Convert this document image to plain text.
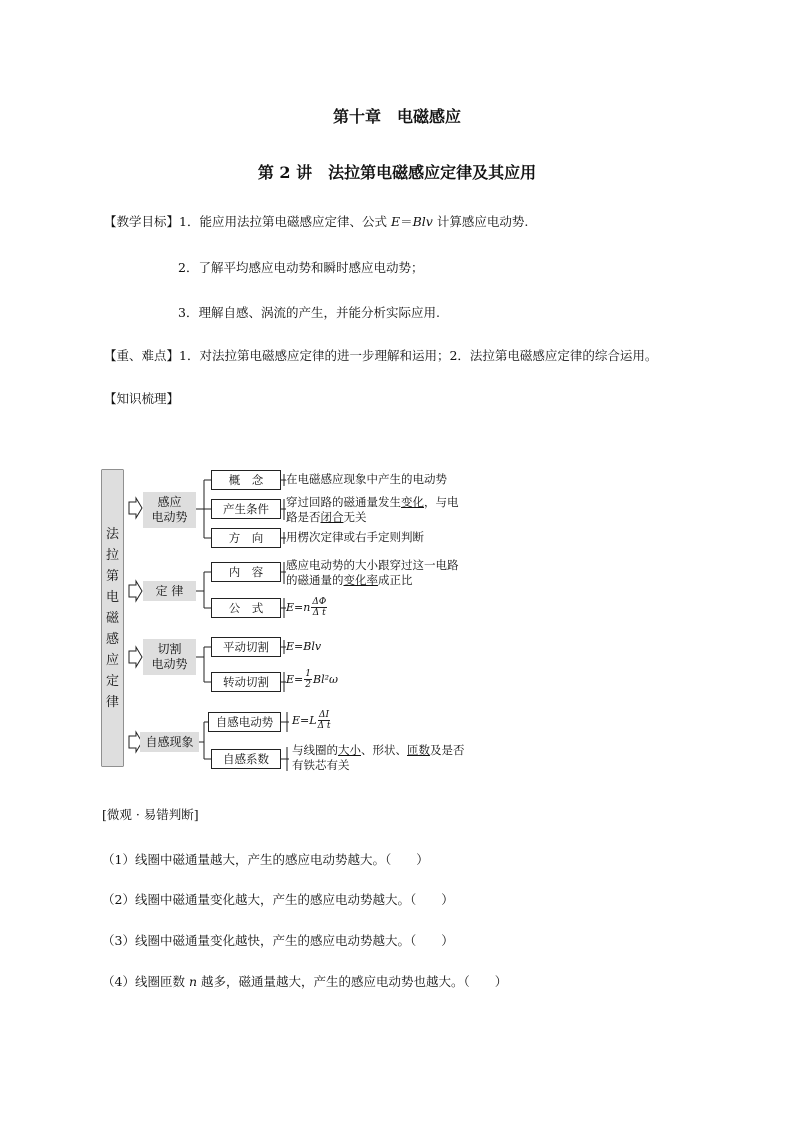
第十章　电磁感应
第 2 讲　法拉第电磁感应定律及其应用
【教学目标】1．能应用法拉第电磁感应定律、公式 E＝Blv 计算感应电动势.
2．了解平均感应电动势和瞬时感应电动势；
3．理解自感、涡流的产生，并能分析实际应用.
【重、难点】1．对法拉第电磁感应定律的进一步理解和运用；2．法拉第电磁感应定律的综合运用。
【知识梳理】
法
拉
第
电
磁
感
应
定
律
感应
电动势
定 律
切割
电动势
自感现象
概　念
产生条件
方　向
内　容
公　式
平动切割
转动切割
自感电动势
自感系数
在电磁感应现象中产生的电动势
穿过回路的磁通量发生变化，与电
路是否闭合无关
用楞次定律或右手定则判断
感应电动势的大小跟穿过这一电路
的磁通量的变化率成正比
$E=n \frac{\Delta\Phi}{\text{Δ t}}$
E=Blv
$E= \frac{1}{2} Bl^2\omega$
$E=L \frac{\Delta I}{\text{Δ t}}$
与线圈的大小、形状、匝数及是否
有铁芯有关
[微观 · 易错判断]
（1）线圈中磁通量越大，产生的感应电动势越大。（　　）
（2）线圈中磁通量变化越大，产生的感应电动势越大。（　　）
（3）线圈中磁通量变化越快，产生的感应电动势越大。（　　）
（4）线圈匝数 n 越多，磁通量越大，产生的感应电动势也越大。（　　）
